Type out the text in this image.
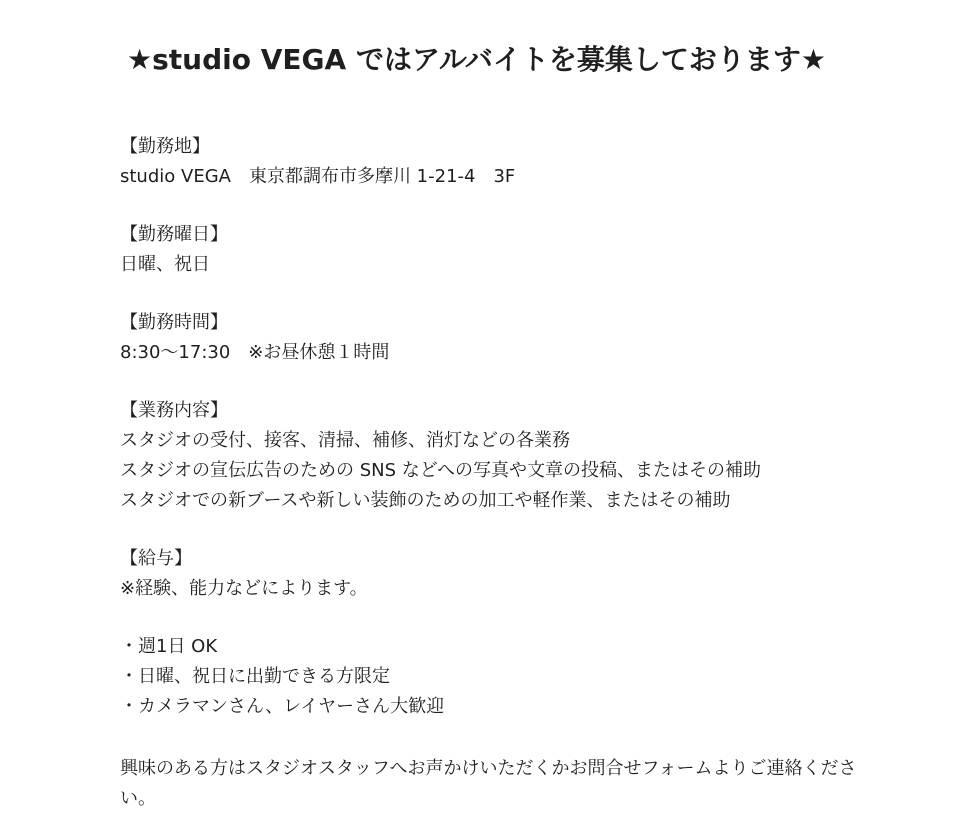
★studio VEGA ではアルバイトを募集しております★

【勤務地】

studio VEGA　東京都調布市多摩川 1-21-4　3F

【勤務曜日】

日曜、祝日

【勤務時間】

8:30～17:30　※お昼休憩１時間

【業務内容】

スタジオの受付、接客、清掃、補修、消灯などの各業務

スタジオの宣伝広告のための SNS などへの写真や文章の投稿、またはその補助

スタジオでの新ブースや新しい装飾のための加工や軽作業、またはその補助

【給与】

※経験、能力などによります。

・週1日 OK

・日曜、祝日に出勤できる方限定

・カメラマンさん、レイヤーさん大歓迎

興味のある方はスタジオスタッフへお声かけいただくかお問合せフォームよりご連絡ください。
